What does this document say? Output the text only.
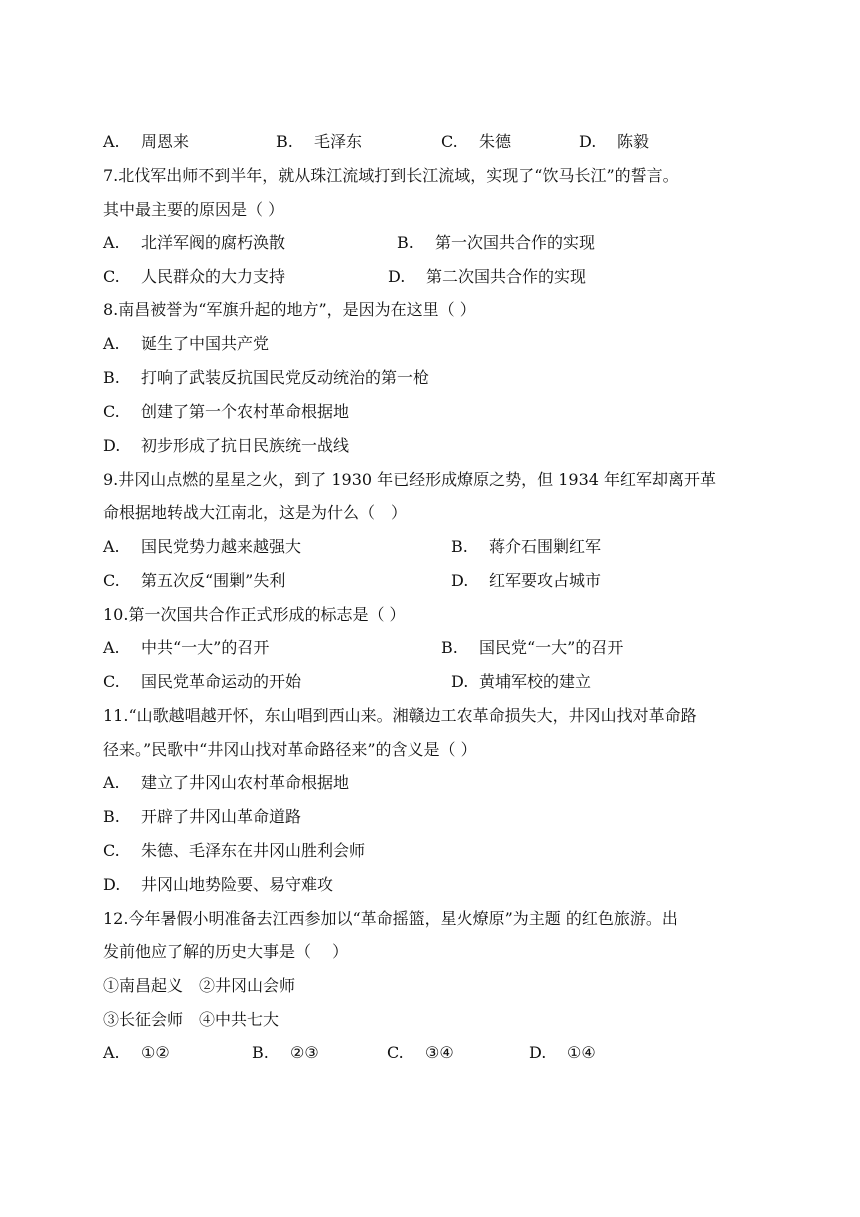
A. 周恩来	B. 毛泽东	C. 朱德	D. 陈毅
7.北伐军出师不到半年，就从珠江流域打到长江流域，实现了“饮马长江”的誓言。
其中最主要的原因是（ ）
A. 北洋军阀的腐朽涣散	B. 第一次国共合作的实现
C. 人民群众的大力支持	D. 第二次国共合作的实现
8.南昌被誉为“军旗升起的地方”，是因为在这里（ ）
A. 诞生了中国共产党
B. 打响了武装反抗国民党反动统治的第一枪
C. 创建了第一个农村革命根据地
D. 初步形成了抗日民族统一战线
9.井冈山点燃的星星之火，到了 1930 年已经形成燎原之势，但 1934 年红军却离开革
命根据地转战大江南北，这是为什么（　）
A. 国民党势力越来越强大	B. 蒋介石围剿红军
C. 第五次反“围剿”失利	D. 红军要攻占城市
10.第一次国共合作正式形成的标志是（ ）
A. 中共“一大”的召开	B. 国民党“一大”的召开
C. 国民党革命运动的开始	D. 黄埔军校的建立
11.“山歌越唱越开怀，东山唱到西山来。湘赣边工农革命损失大，井冈山找对革命路
径来。”民歌中“井冈山找对革命路径来”的含义是（ ）
A. 建立了井冈山农村革命根据地
B. 开辟了井冈山革命道路
C. 朱德、毛泽东在井冈山胜利会师
D. 井冈山地势险要、易守难攻
12.今年暑假小明准备去江西参加以“革命摇篮，星火燎原”为主题 的红色旅游。出
发前他应了解的历史大事是（　 ）
①南昌起义　②井冈山会师
③长征会师　④中共七大
A. ①②	B. ②③	C. ③④	D. ①④
